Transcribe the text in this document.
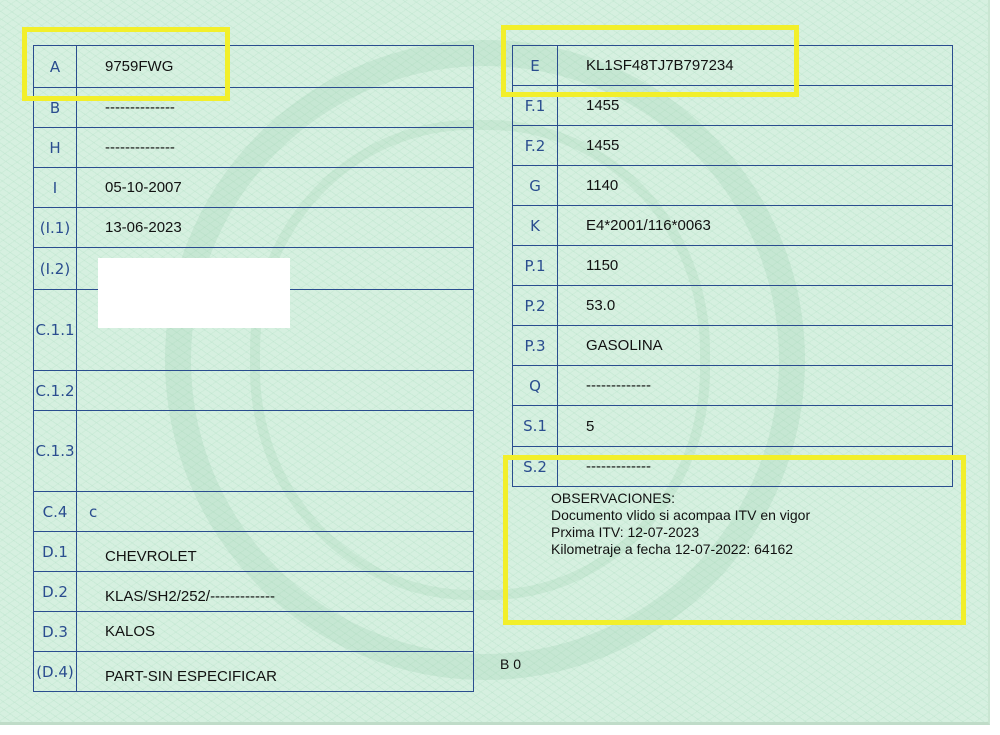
A	9759FWG
B	--------------
H	--------------
I	05-10-2007
(I.1)	13-06-2023
(I.2)	
C.1.1	
C.1.2	
C.1.3	
C.4	c
D.1	CHEVROLET
D.2	KLAS/SH2/252/-------------
D.3	KALOS
(D.4)	PART-SIN ESPECIFICAR
E	KL1SF48TJ7B797234
F.1	1455
F.2	1455
G	1140
K	E4*2001/116*0063
P.1	1150
P.2	53.0
P.3	GASOLINA
Q	-------------
S.1	5
S.2	-------------
OBSERVACIONES:
Documento vlido si acompaa ITV en vigor
Prxima ITV: 12-07-2023
Kilometraje a fecha 12-07-2022: 64162
B 0
